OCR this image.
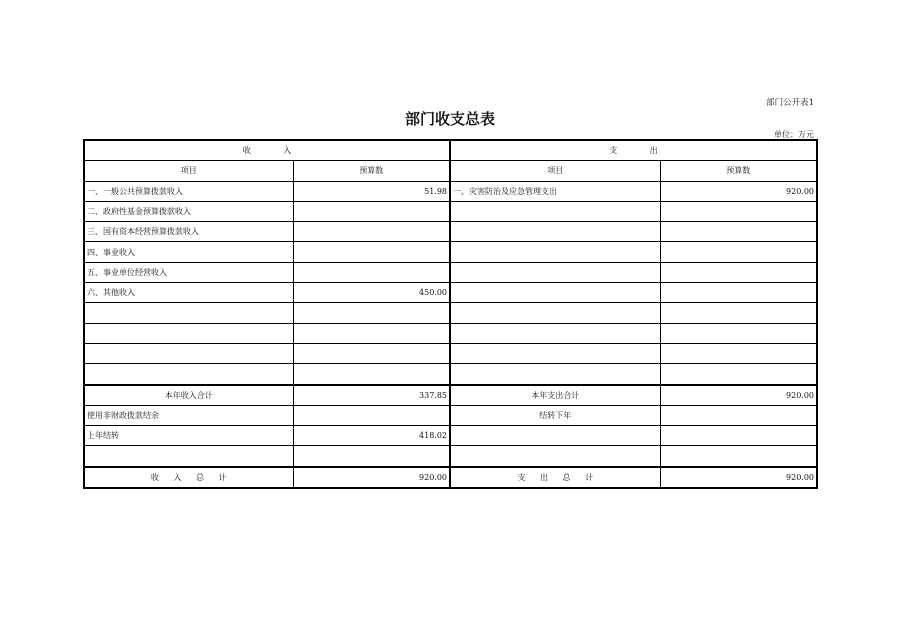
部门公开表1
部门收支总表
单位：万元
收 入		支 出	
项目	预算数	项目	预算数
一、一般公共预算拨款收入	51.98	一、灾害防治及应急管理支出	920.00
二、政府性基金预算拨款收入			
三、国有资本经营预算拨款收入			
四、事业收入			
五、事业单位经营收入			
六、其他收入	450.00		

本年收入合计	337.85	本年支出合计	920.00
使用非财政拨款结余		结转下年	
上年结转	418.02		

收 入 总 计	920.00	支 出 总 计	920.00
